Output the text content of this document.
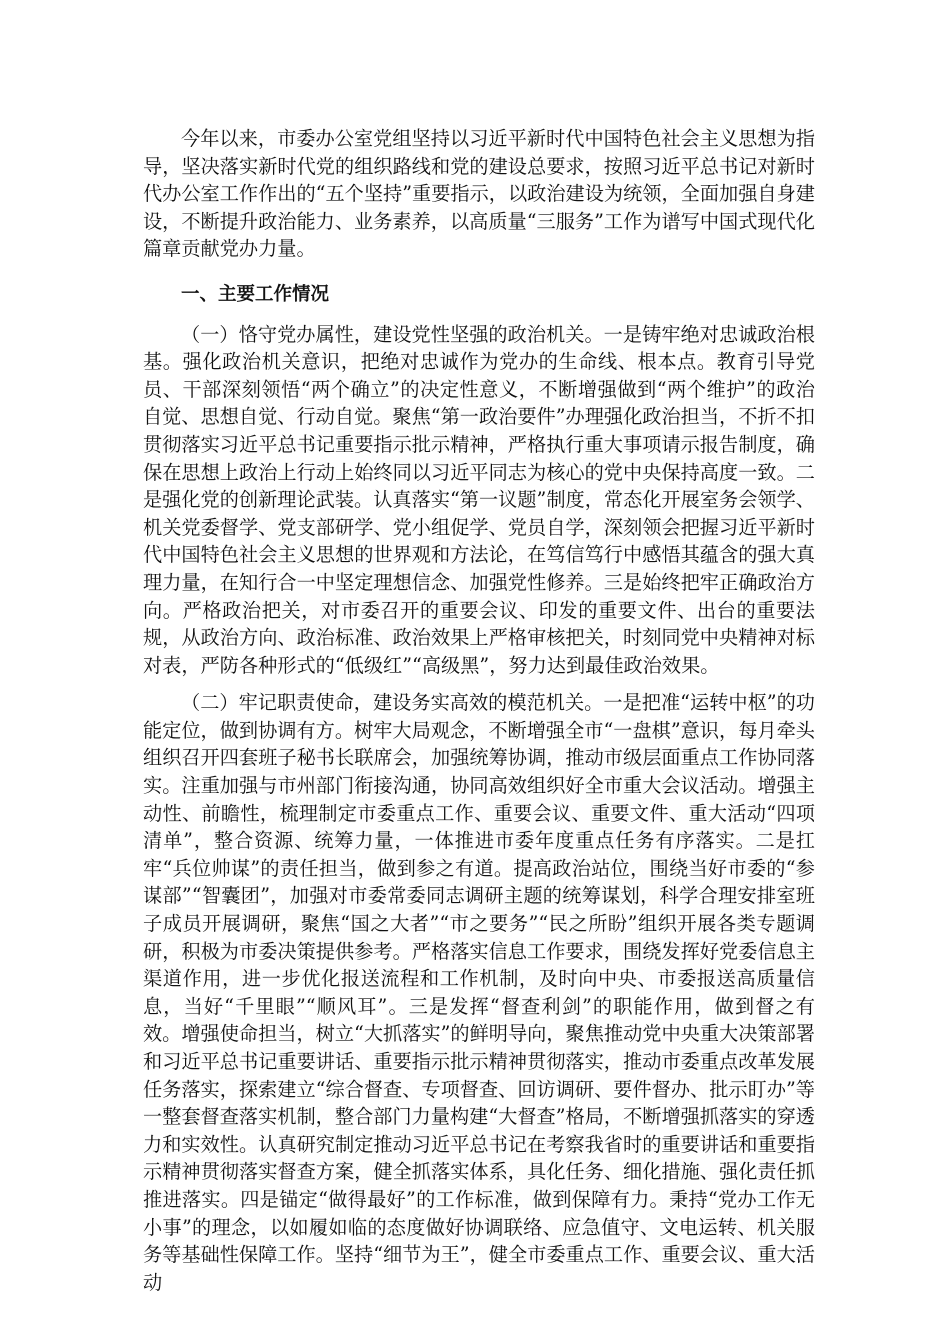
今年以来，市委办公室党组坚持以习近平新时代中国特色社会主义思想为指导，坚决落实新时代党的组织路线和党的建设总要求，按照习近平总书记对新时代办公室工作作出的“五个坚持”重要指示，以政治建设为统领，全面加强自身建设，不断提升政治能力、业务素养，以高质量“三服务”工作为谱写中国式现代化篇章贡献党办力量。

一、主要工作情况

（一）恪守党办属性，建设党性坚强的政治机关。一是铸牢绝对忠诚政治根基。强化政治机关意识，把绝对忠诚作为党办的生命线、根本点。教育引导党员、干部深刻领悟“两个确立”的决定性意义，不断增强做到“两个维护”的政治自觉、思想自觉、行动自觉。聚焦“第一政治要件”办理强化政治担当，不折不扣贯彻落实习近平总书记重要指示批示精神，严格执行重大事项请示报告制度，确保在思想上政治上行动上始终同以习近平同志为核心的党中央保持高度一致。二是强化党的创新理论武装。认真落实“第一议题”制度，常态化开展室务会领学、机关党委督学、党支部研学、党小组促学、党员自学，深刻领会把握习近平新时代中国特色社会主义思想的世界观和方法论，在笃信笃行中感悟其蕴含的强大真理力量，在知行合一中坚定理想信念、加强党性修养。三是始终把牢正确政治方向。严格政治把关，对市委召开的重要会议、印发的重要文件、出台的重要法规，从政治方向、政治标准、政治效果上严格审核把关，时刻同党中央精神对标对表，严防各种形式的“低级红”“高级黑”，努力达到最佳政治效果。

（二）牢记职责使命，建设务实高效的模范机关。一是把准“运转中枢”的功能定位，做到协调有方。树牢大局观念，不断增强全市“一盘棋”意识，每月牵头组织召开四套班子秘书长联席会，加强统筹协调，推动市级层面重点工作协同落实。注重加强与市州部门衔接沟通，协同高效组织好全市重大会议活动。增强主动性、前瞻性，梳理制定市委重点工作、重要会议、重要文件、重大活动“四项清单”，整合资源、统筹力量，一体推进市委年度重点任务有序落实。二是扛牢“兵位帅谋”的责任担当，做到参之有道。提高政治站位，围绕当好市委的“参谋部”“智囊团”，加强对市委常委同志调研主题的统筹谋划，科学合理安排室班子成员开展调研，聚焦“国之大者”“市之要务”“民之所盼”组织开展各类专题调研，积极为市委决策提供参考。严格落实信息工作要求，围绕发挥好党委信息主渠道作用，进一步优化报送流程和工作机制，及时向中央、市委报送高质量信息，当好“千里眼”“顺风耳”。三是发挥“督查利剑”的职能作用，做到督之有效。增强使命担当，树立“大抓落实”的鲜明导向，聚焦推动党中央重大决策部署和习近平总书记重要讲话、重要指示批示精神贯彻落实，推动市委重点改革发展任务落实，探索建立“综合督查、专项督查、回访调研、要件督办、批示盯办”等一整套督查落实机制，整合部门力量构建“大督查”格局，不断增强抓落实的穿透力和实效性。认真研究制定推动习近平总书记在考察我省时的重要讲话和重要指示精神贯彻落实督查方案，健全抓落实体系，具化任务、细化措施、强化责任抓推进落实。四是锚定“做得最好”的工作标准，做到保障有力。秉持“党办工作无小事”的理念，以如履如临的态度做好协调联络、应急值守、文电运转、机关服务等基础性保障工作。坚持“细节为王”，健全市委重点工作、重要会议、重大活动
